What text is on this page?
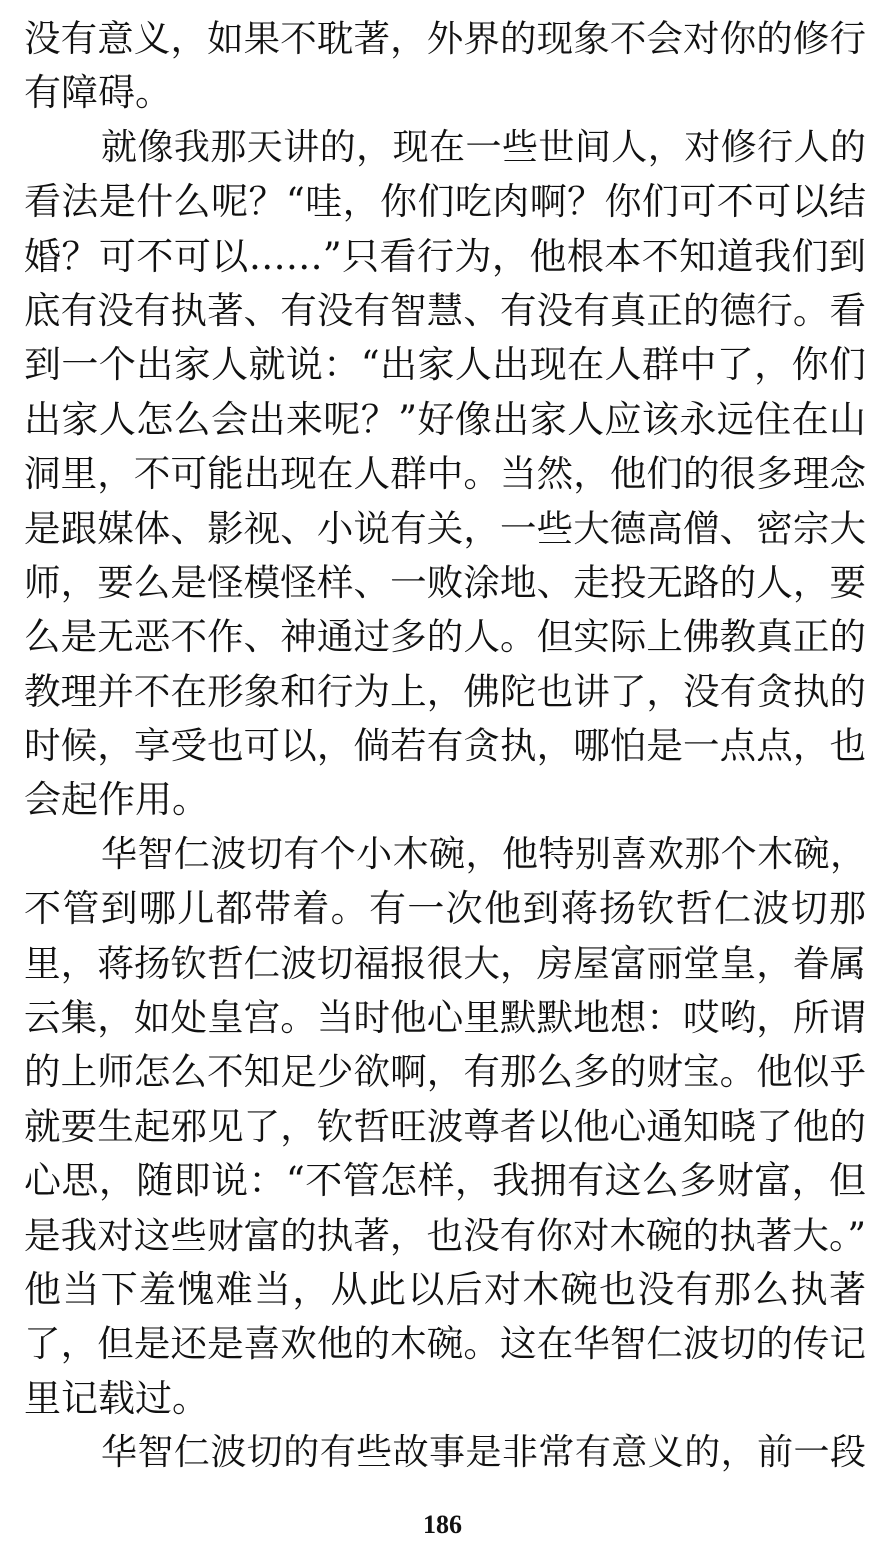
没有意义，如果不耽著，外界的现象不会对你的修行
有障碍。
就像我那天讲的，现在一些世间人，对修行人的
看法是什么呢？“哇，你们吃肉啊？你们可不可以结
婚？可不可以……”只看行为，他根本不知道我们到
底有没有执著、有没有智慧、有没有真正的德行。看
到一个出家人就说：“出家人出现在人群中了，你们
出家人怎么会出来呢？”好像出家人应该永远住在山
洞里，不可能出现在人群中。当然，他们的很多理念
是跟媒体、影视、小说有关，一些大德高僧、密宗大
师，要么是怪模怪样、一败涂地、走投无路的人，要
么是无恶不作、神通过多的人。但实际上佛教真正的
教理并不在形象和行为上，佛陀也讲了，没有贪执的
时候，享受也可以，倘若有贪执，哪怕是一点点，也
会起作用。
华智仁波切有个小木碗，他特别喜欢那个木碗，
不管到哪儿都带着。有一次他到蒋扬钦哲仁波切那
里，蒋扬钦哲仁波切福报很大，房屋富丽堂皇，眷属
云集，如处皇宫。当时他心里默默地想：哎哟，所谓
的上师怎么不知足少欲啊，有那么多的财宝。他似乎
就要生起邪见了，钦哲旺波尊者以他心通知晓了他的
心思，随即说：“不管怎样，我拥有这么多财富，但
是我对这些财富的执著，也没有你对木碗的执著大。”
他当下羞愧难当，从此以后对木碗也没有那么执著
了，但是还是喜欢他的木碗。这在华智仁波切的传记
里记载过。
华智仁波切的有些故事是非常有意义的，前一段
186
